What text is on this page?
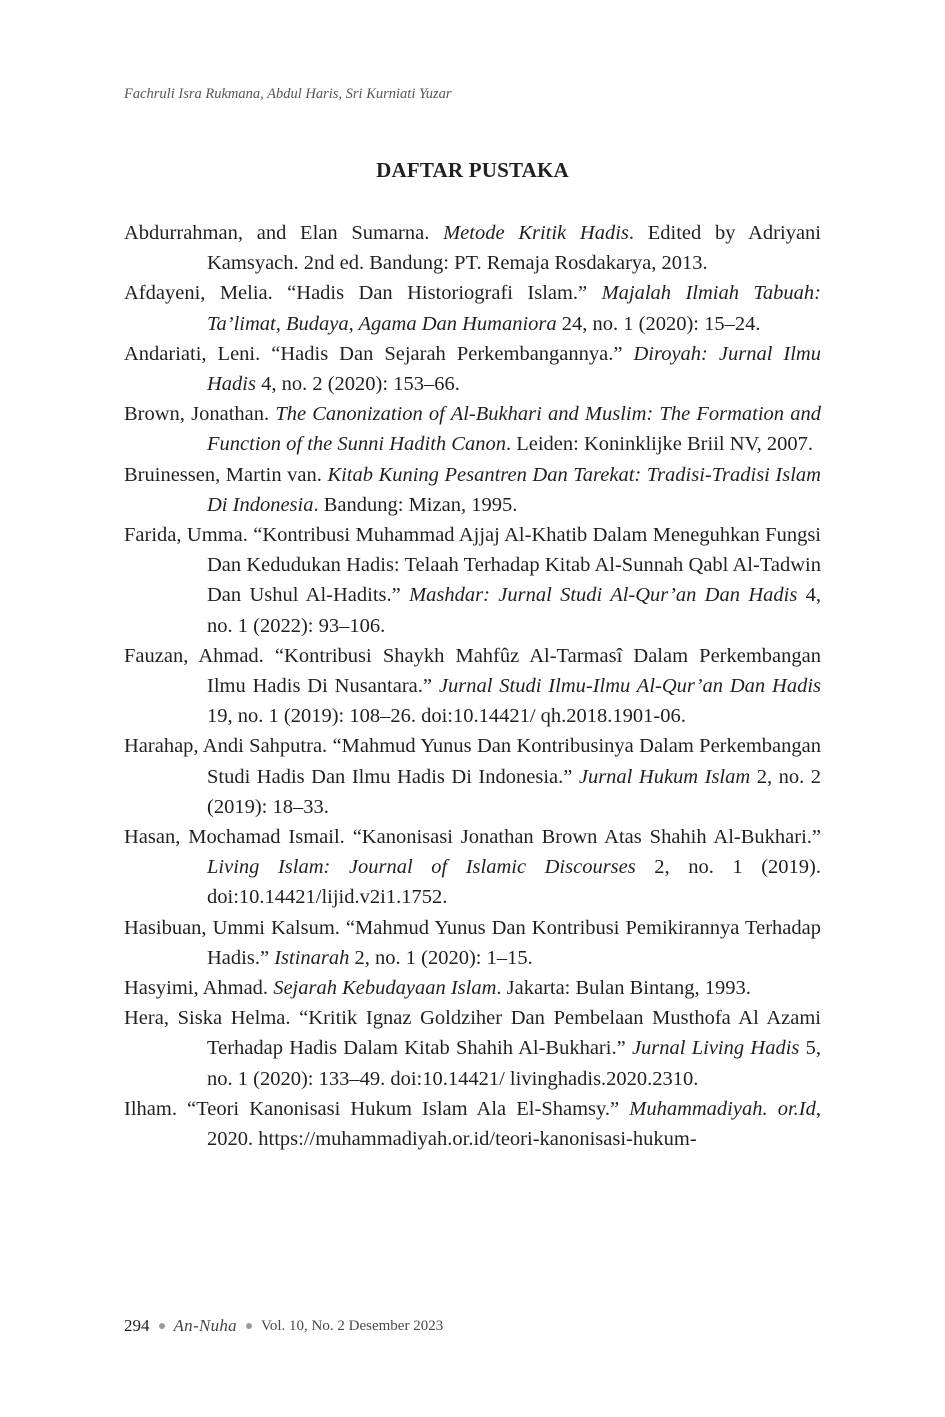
Fachruli Isra Rukmana, Abdul Haris, Sri Kurniati Yuzar
DAFTAR PUSTAKA

Abdurrahman, and Elan Sumarna. Metode Kritik Hadis. Edited by Adriyani Kamsyach. 2nd ed. Bandung: PT. Remaja Rosdakarya, 2013.

Afdayeni, Melia. “Hadis Dan Historiografi Islam.” Majalah Ilmiah Tabuah: Ta’limat, Budaya, Agama Dan Humaniora 24, no. 1 (2020): 15–24.

Andariati, Leni. “Hadis Dan Sejarah Perkembangannya.” Diroyah: Jurnal Ilmu Hadis 4, no. 2 (2020): 153–66.

Brown, Jonathan. The Canonization of Al-Bukhari and Muslim: The Formation and Function of the Sunni Hadith Canon. Leiden: Koninklijke Briil NV, 2007.

Bruinessen, Martin van. Kitab Kuning Pesantren Dan Tarekat: Tradisi-Tradisi Islam Di Indonesia. Bandung: Mizan, 1995.

Farida, Umma. “Kontribusi Muhammad Ajjaj Al-Khatib Dalam Meneguhkan Fungsi Dan Kedudukan Hadis: Telaah Terhadap Kitab Al-Sunnah Qabl Al-Tadwin Dan Ushul Al-Hadits.” Mashdar: Jurnal Studi Al-Qur’an Dan Hadis 4, no. 1 (2022): 93–106.

Fauzan, Ahmad. “Kontribusi Shaykh Mahfûz Al-Tarmasî Dalam Perkembangan Ilmu Hadis Di Nusantara.” Jurnal Studi Ilmu-Ilmu Al-Qur’an Dan Hadis 19, no. 1 (2019): 108–26. doi:10.14421/ qh.2018.1901-06.

Harahap, Andi Sahputra. “Mahmud Yunus Dan Kontribusinya Dalam Perkembangan Studi Hadis Dan Ilmu Hadis Di Indonesia.” Jurnal Hukum Islam 2, no. 2 (2019): 18–33.

Hasan, Mochamad Ismail. “Kanonisasi Jonathan Brown Atas Shahih Al-Bukhari.” Living Islam: Journal of Islamic Discourses 2, no. 1 (2019). doi:10.14421/lijid.v2i1.1752.

Hasibuan, Ummi Kalsum. “Mahmud Yunus Dan Kontribusi Pemikirannya Terhadap Hadis.” Istinarah 2, no. 1 (2020): 1–15.

Hasyimi, Ahmad. Sejarah Kebudayaan Islam. Jakarta: Bulan Bintang, 1993.

Hera, Siska Helma. “Kritik Ignaz Goldziher Dan Pembelaan Musthofa Al Azami Terhadap Hadis Dalam Kitab Shahih Al-Bukhari.” Jurnal Living Hadis 5, no. 1 (2020): 133–49. doi:10.14421/ livinghadis.2020.2310.

Ilham. “Teori Kanonisasi Hukum Islam Ala El-Shamsy.” Muhammadiyah. or.Id, 2020. https://muhammadiyah.or.id/teori-kanonisasi-hukum-

294 An-Nuha Vol. 10, No. 2 Desember 2023
